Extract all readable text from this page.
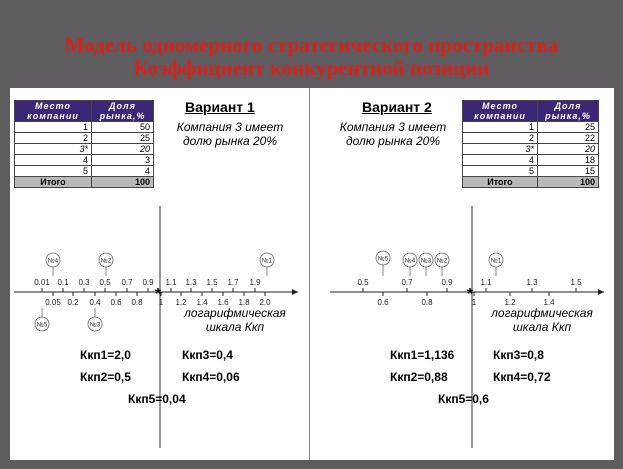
Модель одномерного стратегического пространства
Коэффициент конкурентной позиции
Место
компании	Доля
рынка,%
1	50
2	25
3*	20
4	3
5	4
Итого	100
Вариант 1
Компания 3 имеет
долю рынка 20%
Вариант 2
Компания 3 имеет
долю рынка 20%
Место
компании	Доля
рынка,%
1	25
2	22
3*	20
4	18
5	15
Итого	100
*
0.01 0.1 0.3 0.5 0.7 0.9 1.1 1.3 1.5 1.7 1.9
0.05 0.2 0.4 0.6 0.8 1 1.2 1.4 1.6 1.8 2.0
№1
№2
№3
№4
№5
*
0.5	0.7	0.9	1.1	1.3	1.5
0.6	0.8	1	1.2	1.4
№1
№2
№3
№4
№5
логарифмическая
шкала Ккп
логарифмическая
шкала Ккп
Ккп1=2,0	Ккп3=0,4
Ккп2=0,5	Ккп4=0,06
Ккп5=0,04
Ккп1=1,136	Ккп3=0,8
Ккп2=0,88	Ккп4=0,72
Ккп5=0,6
